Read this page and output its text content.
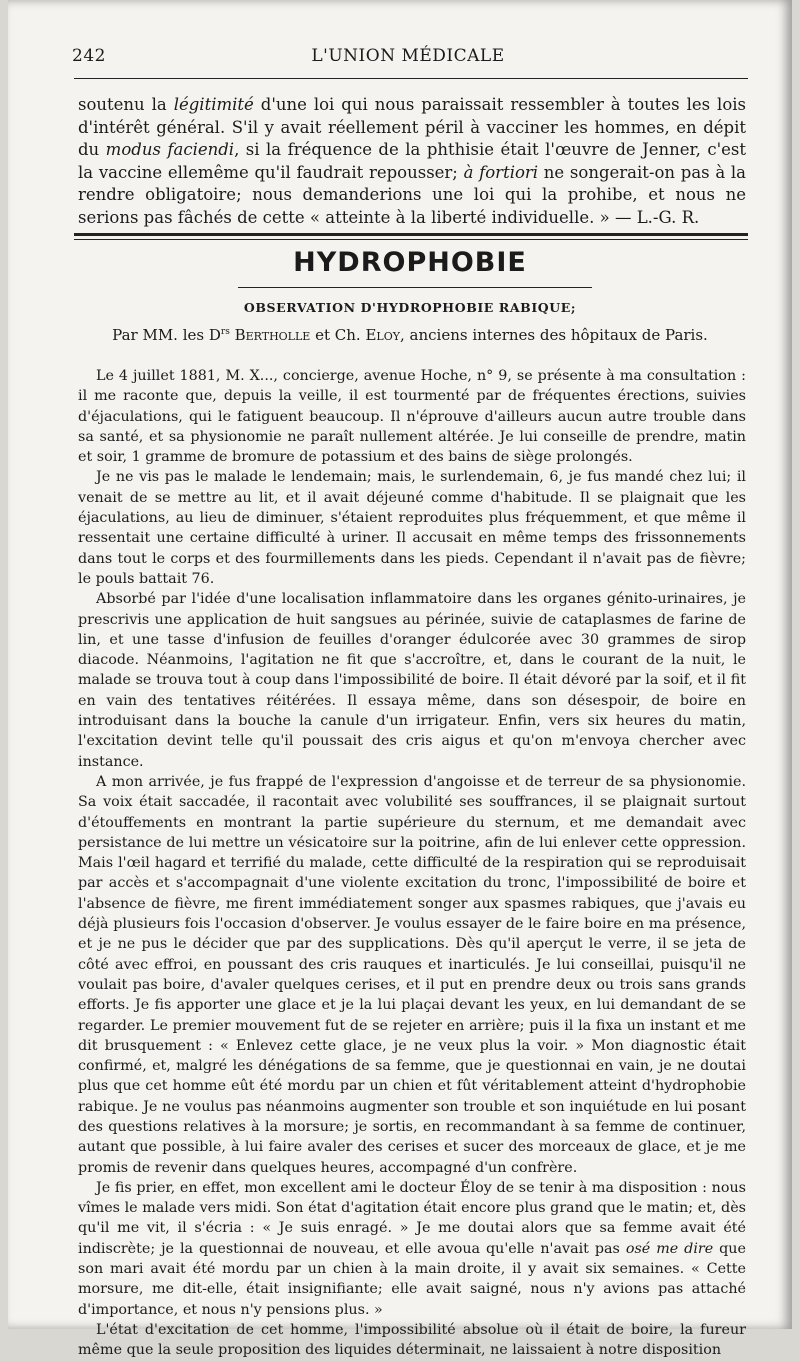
242	L'UNION MÉDICALE
soutenu la légitimité d'une loi qui nous paraissait ressembler à toutes les lois d'intérêt général. S'il y avait réellement péril à vacciner les hommes, en dépit du modus faciendi, si la fréquence de la phthisie était l'œuvre de Jenner, c'est la vaccine ellemême qu'il faudrait repousser; à fortiori ne songerait-on pas à la rendre obligatoire; nous demanderions une loi qui la prohibe, et nous ne serions pas fâchés de cette « atteinte à la liberté individuelle. » — L.-G. R.
HYDROPHOBIE
OBSERVATION D'HYDROPHOBIE RABIQUE;
Par MM. les $D^{rs}$ Bertholle et Ch. Eloy, anciens internes des hôpitaux de Paris.

Le 4 juillet 1881, M. X..., concierge, avenue Hoche, n° 9, se présente à ma consultation : il me raconte que, depuis la veille, il est tourmenté par de fréquentes érections, suivies d'éjaculations, qui le fatiguent beaucoup. Il n'éprouve d'ailleurs aucun autre trouble dans sa santé, et sa physionomie ne paraît nullement altérée. Je lui conseille de prendre, matin et soir, 1 gramme de bromure de potassium et des bains de siège prolongés.

Je ne vis pas le malade le lendemain; mais, le surlendemain, 6, je fus mandé chez lui; il venait de se mettre au lit, et il avait déjeuné comme d'habitude. Il se plaignait que les éjaculations, au lieu de diminuer, s'étaient reproduites plus fréquemment, et que même il ressentait une certaine difficulté à uriner. Il accusait en même temps des frissonnements dans tout le corps et des fourmillements dans les pieds. Cependant il n'avait pas de fièvre; le pouls battait 76.

Absorbé par l'idée d'une localisation inflammatoire dans les organes génito-urinaires, je prescrivis une application de huit sangsues au périnée, suivie de cataplasmes de farine de lin, et une tasse d'infusion de feuilles d'oranger édulcorée avec 30 grammes de sirop diacode. Néanmoins, l'agitation ne fit que s'accroître, et, dans le courant de la nuit, le malade se trouva tout à coup dans l'impossibilité de boire. Il était dévoré par la soif, et il fit en vain des tentatives réitérées. Il essaya même, dans son désespoir, de boire en introduisant dans la bouche la canule d'un irrigateur. Enfin, vers six heures du matin, l'excitation devint telle qu'il poussait des cris aigus et qu'on m'envoya chercher avec instance.

A mon arrivée, je fus frappé de l'expression d'angoisse et de terreur de sa physionomie. Sa voix était saccadée, il racontait avec volubilité ses souffrances, il se plaignait surtout d'étouffements en montrant la partie supérieure du sternum, et me demandait avec persistance de lui mettre un vésicatoire sur la poitrine, afin de lui enlever cette oppression. Mais l'œil hagard et terrifié du malade, cette difficulté de la respiration qui se reproduisait par accès et s'accompagnait d'une violente excitation du tronc, l'impossibilité de boire et l'absence de fièvre, me firent immédiatement songer aux spasmes rabiques, que j'avais eu déjà plusieurs fois l'occasion d'observer. Je voulus essayer de le faire boire en ma présence, et je ne pus le décider que par des supplications. Dès qu'il aperçut le verre, il se jeta de côté avec effroi, en poussant des cris rauques et inarticulés. Je lui conseillai, puisqu'il ne voulait pas boire, d'avaler quelques cerises, et il put en prendre deux ou trois sans grands efforts. Je fis apporter une glace et je la lui plaçai devant les yeux, en lui demandant de se regarder. Le premier mouvement fut de se rejeter en arrière; puis il la fixa un instant et me dit brusquement : « Enlevez cette glace, je ne veux plus la voir. » Mon diagnostic était confirmé, et, malgré les dénégations de sa femme, que je questionnai en vain, je ne doutai plus que cet homme eût été mordu par un chien et fût véritablement atteint d'hydrophobie rabique. Je ne voulus pas néanmoins augmenter son trouble et son inquiétude en lui posant des questions relatives à la morsure; je sortis, en recommandant à sa femme de continuer, autant que possible, à lui faire avaler des cerises et sucer des morceaux de glace, et je me promis de revenir dans quelques heures, accompagné d'un confrère.

Je fis prier, en effet, mon excellent ami le docteur Éloy de se tenir à ma disposition : nous vîmes le malade vers midi. Son état d'agitation était encore plus grand que le matin; et, dès qu'il me vit, il s'écria : « Je suis enragé. » Je me doutai alors que sa femme avait été indiscrète; je la questionnai de nouveau, et elle avoua qu'elle n'avait pas osé me dire que son mari avait été mordu par un chien à la main droite, il y avait six semaines. « Cette morsure, me dit-elle, était insignifiante; elle avait saigné, nous n'y avions pas attaché d'importance, et nous n'y pensions plus. »

L'état d'excitation de cet homme, l'impossibilité absolue où il était de boire, la fureur même que la seule proposition des liquides déterminait, ne laissaient à notre disposition
